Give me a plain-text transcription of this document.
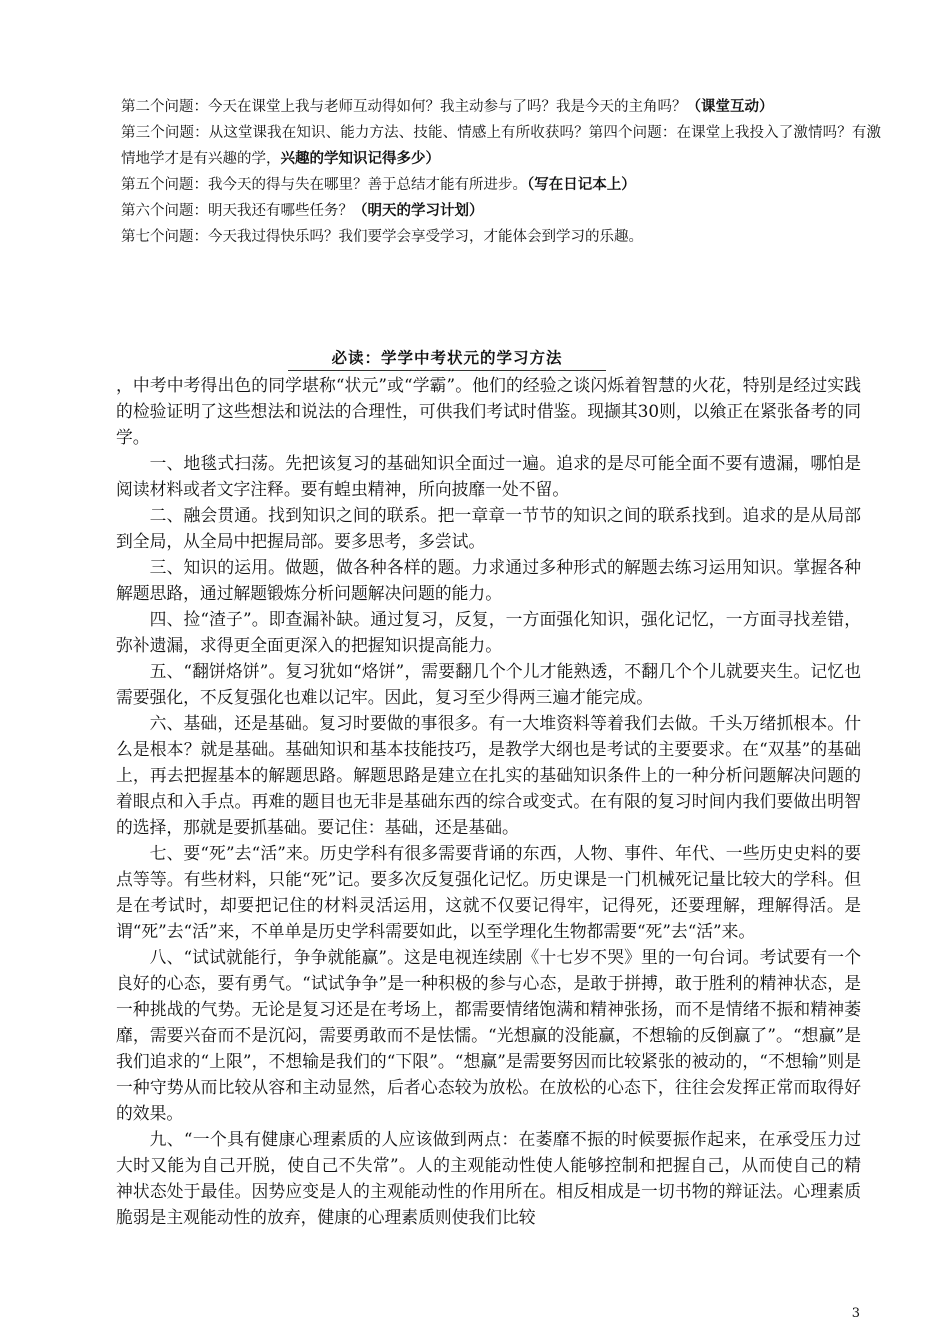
第二个问题：今天在课堂上我与老师互动得如何？我主动参与了吗？我是今天的主角吗？（课堂互动）
第三个问题：从这堂课我在知识、能力方法、技能、情感上有所收获吗？第四个问题：在课堂上我投入了激情吗？有激情地学才是有兴趣的学，兴趣的学知识记得多少）
第五个问题：我今天的得与失在哪里？善于总结才能有所进步。（写在日记本上）
第六个问题：明天我还有哪些任务？（明天的学习计划）
第七个问题：今天我过得快乐吗？我们要学会享受学习，才能体会到学习的乐趣。
必读：学学中考状元的学习方法

，中考中考得出色的同学堪称“状元”或“学霸”。他们的经验之谈闪烁着智慧的火花，特别是经过实践的检验证明了这些想法和说法的合理性，可供我们考试时借鉴。现撷其30则，以飨正在紧张备考的同学。

一、地毯式扫荡。先把该复习的基础知识全面过一遍。追求的是尽可能全面不要有遗漏，哪怕是阅读材料或者文字注释。要有蝗虫精神，所向披靡一处不留。

二、融会贯通。找到知识之间的联系。把一章章一节节的知识之间的联系找到。追求的是从局部到全局，从全局中把握局部。要多思考，多尝试。

三、知识的运用。做题，做各种各样的题。力求通过多种形式的解题去练习运用知识。掌握各种解题思路，通过解题锻炼分析问题解决问题的能力。

四、捡“渣子”。即查漏补缺。通过复习，反复，一方面强化知识，强化记忆，一方面寻找差错，弥补遗漏，求得更全面更深入的把握知识提高能力。

五、“翻饼烙饼”。复习犹如“烙饼”，需要翻几个个儿才能熟透，不翻几个个儿就要夹生。记忆也需要强化，不反复强化也难以记牢。因此，复习至少得两三遍才能完成。

六、基础，还是基础。复习时要做的事很多。有一大堆资料等着我们去做。千头万绪抓根本。什么是根本？就是基础。基础知识和基本技能技巧，是教学大纲也是考试的主要要求。在“双基”的基础上，再去把握基本的解题思路。解题思路是建立在扎实的基础知识条件上的一种分析问题解决问题的着眼点和入手点。再难的题目也无非是基础东西的综合或变式。在有限的复习时间内我们要做出明智的选择，那就是要抓基础。要记住：基础，还是基础。

七、要“死”去“活”来。历史学科有很多需要背诵的东西，人物、事件、年代、一些历史史料的要点等等。有些材料，只能“死”记。要多次反复强化记忆。历史课是一门机械死记量比较大的学科。但是在考试时，却要把记住的材料灵活运用，这就不仅要记得牢，记得死，还要理解，理解得活。是谓“死”去“活”来，不单单是历史学科需要如此，以至学理化生物都需要“死”去“活”来。

八、“试试就能行，争争就能赢”。这是电视连续剧《十七岁不哭》里的一句台词。考试要有一个良好的心态，要有勇气。“试试争争”是一种积极的参与心态，是敢于拼搏，敢于胜利的精神状态，是一种挑战的气势。无论是复习还是在考场上，都需要情绪饱满和精神张扬，而不是情绪不振和精神萎靡，需要兴奋而不是沉闷，需要勇敢而不是怯懦。“光想赢的没能赢，不想输的反倒赢了”。“想赢”是我们追求的“上限”，不想输是我们的“下限”。“想赢”是需要努因而比较紧张的被动的，“不想输”则是一种守势从而比较从容和主动显然，后者心态较为放松。在放松的心态下，往往会发挥正常而取得好的效果。

九、“一个具有健康心理素质的人应该做到两点：在萎靡不振的时候要振作起来，在承受压力过大时又能为自己开脱，使自己不失常”。人的主观能动性使人能够控制和把握自己，从而使自己的精神状态处于最佳。因势应变是人的主观能动性的作用所在。相反相成是一切书物的辩证法。心理素质脆弱是主观能动性的放弃，健康的心理素质则使我们比较

3
